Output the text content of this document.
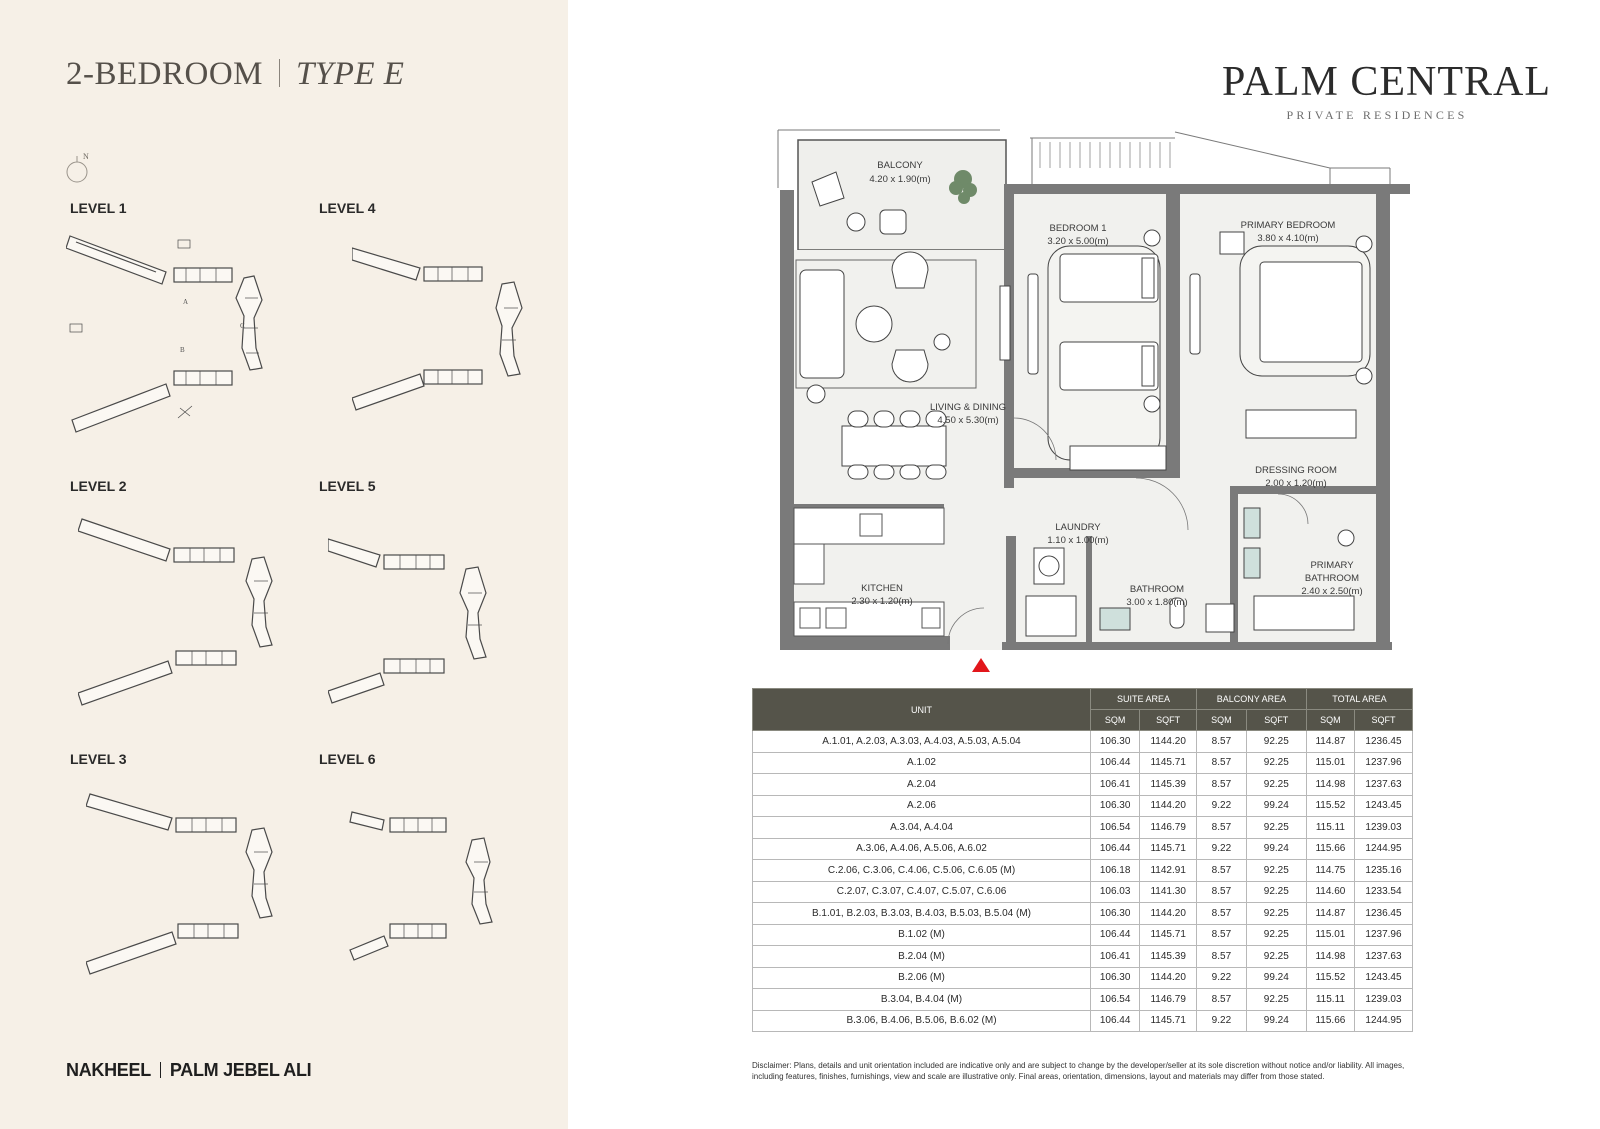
2-BEDROOM TYPE E
N
LEVEL 1	LEVEL 4
LEVEL 2	LEVEL 5
LEVEL 3	LEVEL 6
A
B
C
NAKHEEL PALM JEBEL ALI
PALM CENTRAL
PRIVATE RESIDENCES
BALCONY
4.20 x 1.90(m)
BEDROOM 1
3.20 x 5.00(m)
PRIMARY BEDROOM
3.80 x 4.10(m)
LIVING & DINING
4.50 x 5.30(m)
DRESSING ROOM
2.00 x 1.20(m)
LAUNDRY
1.10 x 1.00(m)
PRIMARY
BATHROOM
2.40 x 2.50(m)
KITCHEN
2.30 x 1.20(m)
BATHROOM
3.00 x 1.80(m)
UNIT	SUITE AREA		BALCONY AREA		TOTAL AREA	
	SQM	SQFT	SQM	SQFT	SQM	SQFT
A.1.01, A.2.03, A.3.03, A.4.03, A.5.03, A.5.04	106.30	1144.20	8.57	92.25	114.87	1236.45
A.1.02	106.44	1145.71	8.57	92.25	115.01	1237.96
A.2.04	106.41	1145.39	8.57	92.25	114.98	1237.63
A.2.06	106.30	1144.20	9.22	99.24	115.52	1243.45
A.3.04, A.4.04	106.54	1146.79	8.57	92.25	115.11	1239.03
A.3.06, A.4.06, A.5.06, A.6.02	106.44	1145.71	9.22	99.24	115.66	1244.95
C.2.06, C.3.06, C.4.06, C.5.06, C.6.05 (M)	106.18	1142.91	8.57	92.25	114.75	1235.16
C.2.07, C.3.07, C.4.07, C.5.07, C.6.06	106.03	1141.30	8.57	92.25	114.60	1233.54
B.1.01, B.2.03, B.3.03, B.4.03, B.5.03, B.5.04 (M)	106.30	1144.20	8.57	92.25	114.87	1236.45
B.1.02 (M)	106.44	1145.71	8.57	92.25	115.01	1237.96
B.2.04 (M)	106.41	1145.39	8.57	92.25	114.98	1237.63
B.2.06 (M)	106.30	1144.20	9.22	99.24	115.52	1243.45
B.3.04, B.4.04 (M)	106.54	1146.79	8.57	92.25	115.11	1239.03
B.3.06, B.4.06, B.5.06, B.6.02 (M)	106.44	1145.71	9.22	99.24	115.66	1244.95
Disclaimer: Plans, details and unit orientation included are indicative only and are subject to change by the developer/seller at its sole discretion without notice and/or liability. All images, including features, finishes, furnishings, view and scale are illustrative only. Final areas, orientation, dimensions, layout and materials may differ from those stated.
